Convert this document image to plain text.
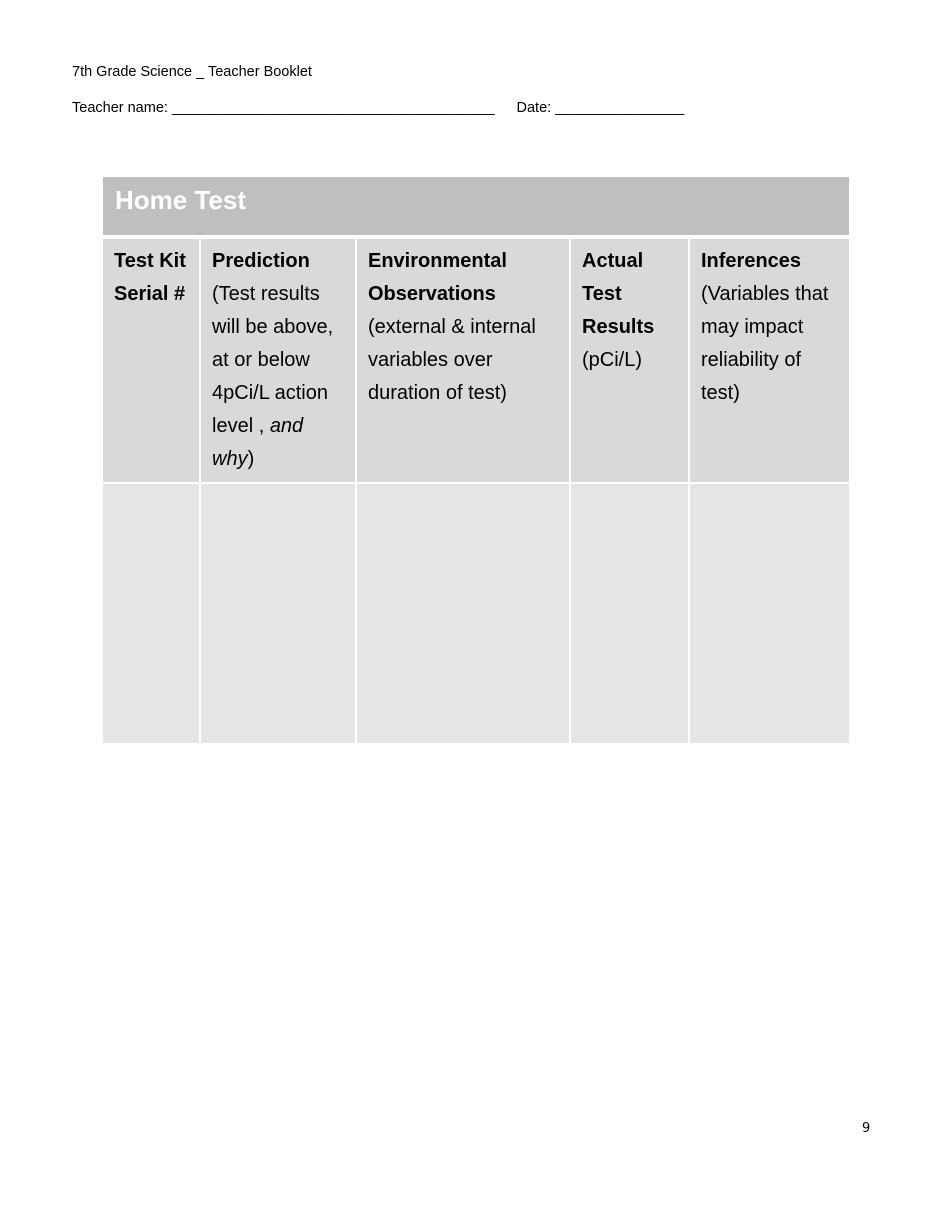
7th Grade Science _ Teacher Booklet
Teacher name: ________________________________________ Date: ________________
Home Test
Test Kit Serial #
Prediction (Test results will be above, at or below 4pCi/L action level , and why)
Environmental Observations (external & internal variables over duration of test)
Actual Test Results (pCi/L)
Inferences (Variables that may impact reliability of test)
9
